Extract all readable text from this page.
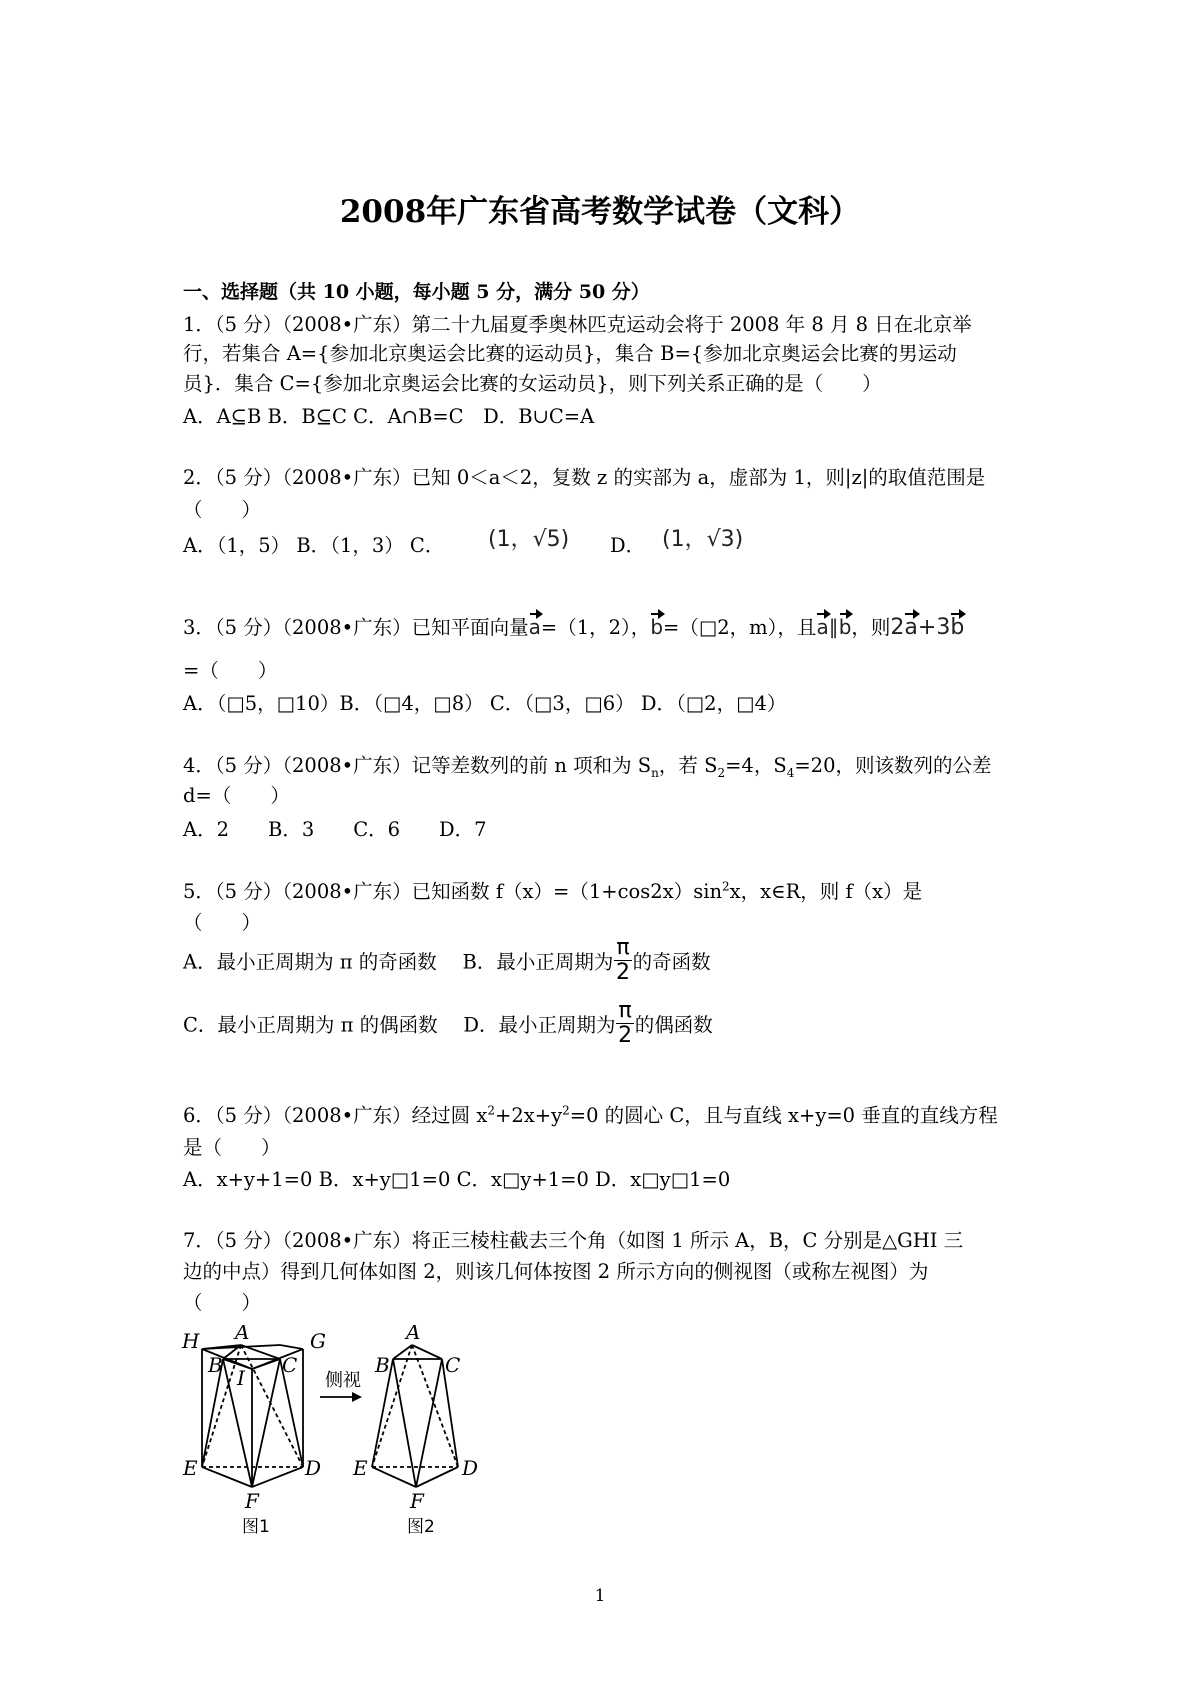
2008年广东省高考数学试卷（文科）
一、选择题（共 10 小题，每小题 5 分，满分 50 分）
1．（5 分）（2008•广东）第二十九届夏季奥林匹克运动会将于 2008 年 8 月 8 日在北京举
行，若集合 A={参加北京奥运会比赛的运动员}，集合 B={参加北京奥运会比赛的男运动
员}．集合 C={参加北京奥运会比赛的女运动员}，则下列关系正确的是（　　）
A．A⊆B B．B⊆C C．A∩B=C　D．B∪C=A
2．（5 分）（2008•广东）已知 0＜a＜2，复数 z 的实部为 a，虚部为 1，则|z|的取值范围是
（　　）
A．（1，5） B．（1，3） C． (1，√5) D． (1，√3)
3．（5 分）（2008•广东）已知平面向量a=（1，2），b=（□2，m），且a∥b，则2a+3b
=（　　）
A．（□5，□10）B．（□4，□8） C．（□3，□6） D．（□2，□4）
4．（5 分）（2008•广东）记等差数列的前 n 项和为 $S_n$，若 $S_2=4$，$S_4=20$，则该数列的公差
d=（　　）
A．2　　B．3　　C．6　　D．7
5．（5 分）（2008•广东）已知函数 $f(x)=(1+\cos 2x)\sin^2x$，x∈R，则 f（x）是
（　　）
A．最小正周期为 π 的奇函数　 B．最小正周期为 $\frac{\pi}{2}$ 的奇函数
C．最小正周期为 π 的偶函数　 D．最小正周期为 $\frac{\pi}{2}$ 的偶函数
6．（5 分）（2008•广东）经过圆 $x^2+2x+y^2=0$ 的圆心 C，且与直线 x+y=0 垂直的直线方程
是（　　）
A．x+y+1=0 B．x+y□1=0 C．x□y+1=0 D．x□y□1=0
7．（5 分）（2008•广东）将正三棱柱截去三个角（如图 1 所示 A，B，C 分别是△GHI 三
边的中点）得到几何体如图 2，则该几何体按图 2 所示方向的侧视图（或称左视图）为
（　　）
H A	G
B
I
C
E	D
F
A
B	C
E	D
F
侧视
图1	图2
1
